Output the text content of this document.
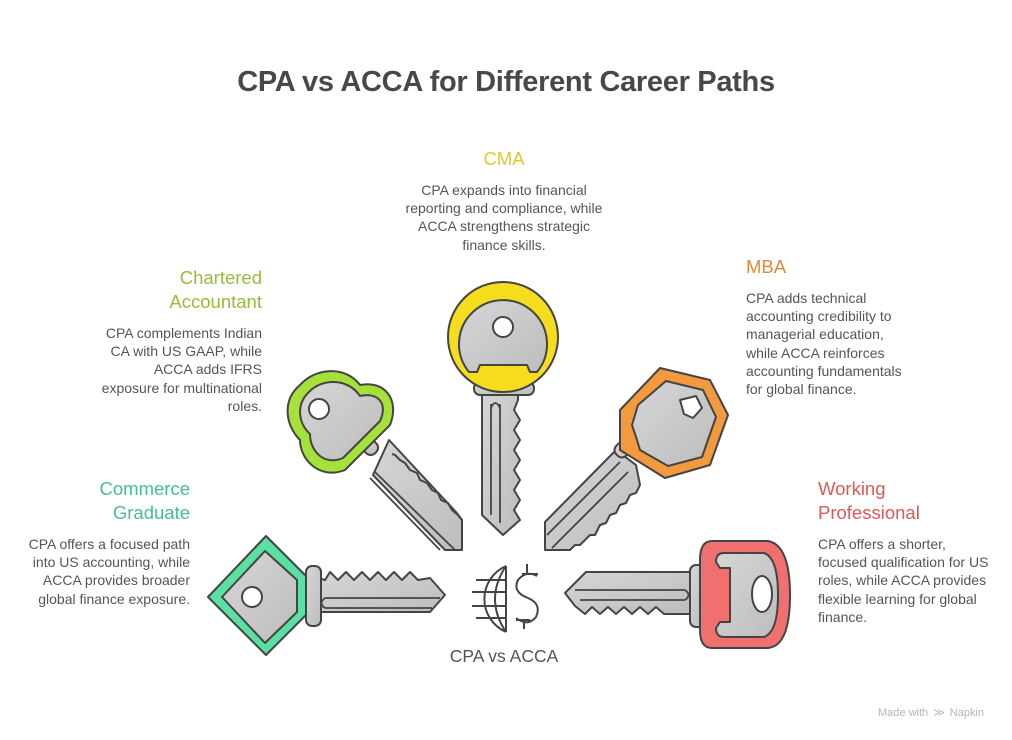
CPA vs ACCA for Different Career Paths
CMA
CPA expands into financial reporting and compliance, while ACCA strengthens strategic finance skills.
Chartered
Accountant
CPA complements Indian CA with US GAAP, while ACCA adds IFRS exposure for multinational roles.
MBA
CPA adds technical accounting credibility to managerial education, while ACCA reinforces accounting fundamentals for global finance.
Commerce
Graduate
CPA offers a focused path into US accounting, while ACCA provides broader global finance exposure.
Working
Professional
CPA offers a shorter, focused qualification for US roles, while ACCA provides flexible learning for global finance.
CPA vs ACCA
Made with ≫ Napkin
